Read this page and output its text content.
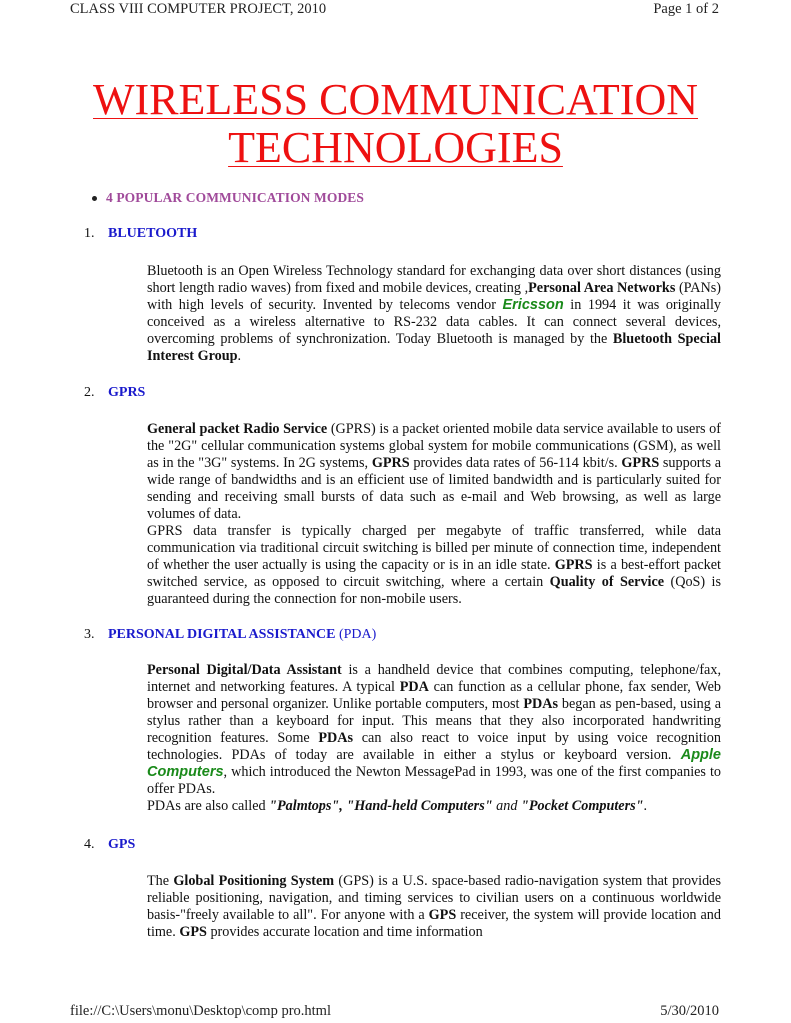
CLASS VIII COMPUTER PROJECT, 2010	Page 1 of 2
WIRELESS COMMUNICATION
TECHNOLOGIES
4 POPULAR COMMUNICATION MODES
1. BLUETOOTH
Bluetooth is an Open Wireless Technology standard for exchanging data over short distances (using short length radio waves) from fixed and mobile devices, creating ,Personal Area Networks (PANs) with high levels of security. Invented by telecoms vendor Ericsson in 1994 it was originally conceived as a wireless alternative to RS-232 data cables. It can connect several devices, overcoming problems of synchronization. Today Bluetooth is managed by the Bluetooth Special Interest Group.
2. GPRS
General packet Radio Service (GPRS) is a packet oriented mobile data service available to users of the "2G" cellular communication systems global system for mobile communications (GSM), as well as in the "3G" systems. In 2G systems, GPRS provides data rates of 56-114 kbit/s. GPRS supports a wide range of bandwidths and is an efficient use of limited bandwidth and is particularly suited for sending and receiving small bursts of data such as e-mail and Web browsing, as well as large volumes of data.
GPRS data transfer is typically charged per megabyte of traffic transferred, while data communication via traditional circuit switching is billed per minute of connection time, independent of whether the user actually is using the capacity or is in an idle state. GPRS is a best-effort packet switched service, as opposed to circuit switching, where a certain Quality of Service (QoS) is guaranteed during the connection for non-mobile users.
3. PERSONAL DIGITAL ASSISTANCE (PDA)
Personal Digital/Data Assistant is a handheld device that combines computing, telephone/fax, internet and networking features. A typical PDA can function as a cellular phone, fax sender, Web browser and personal organizer. Unlike portable computers, most PDAs began as pen-based, using a stylus rather than a keyboard for input. This means that they also incorporated handwriting recognition features. Some PDAs can also react to voice input by using voice recognition technologies. PDAs of today are available in either a stylus or keyboard version. Apple Computers, which introduced the Newton MessagePad in 1993, was one of the first companies to offer PDAs.
PDAs are also called "Palmtops", "Hand-held Computers" and "Pocket Computers".
4. GPS
The Global Positioning System (GPS) is a U.S. space-based radio-navigation system that provides reliable positioning, navigation, and timing services to civilian users on a continuous worldwide basis-"freely available to all". For anyone with a GPS receiver, the system will provide location and time. GPS provides accurate location and time information
file://C:\Users\monu\Desktop\comp pro.html	5/30/2010
